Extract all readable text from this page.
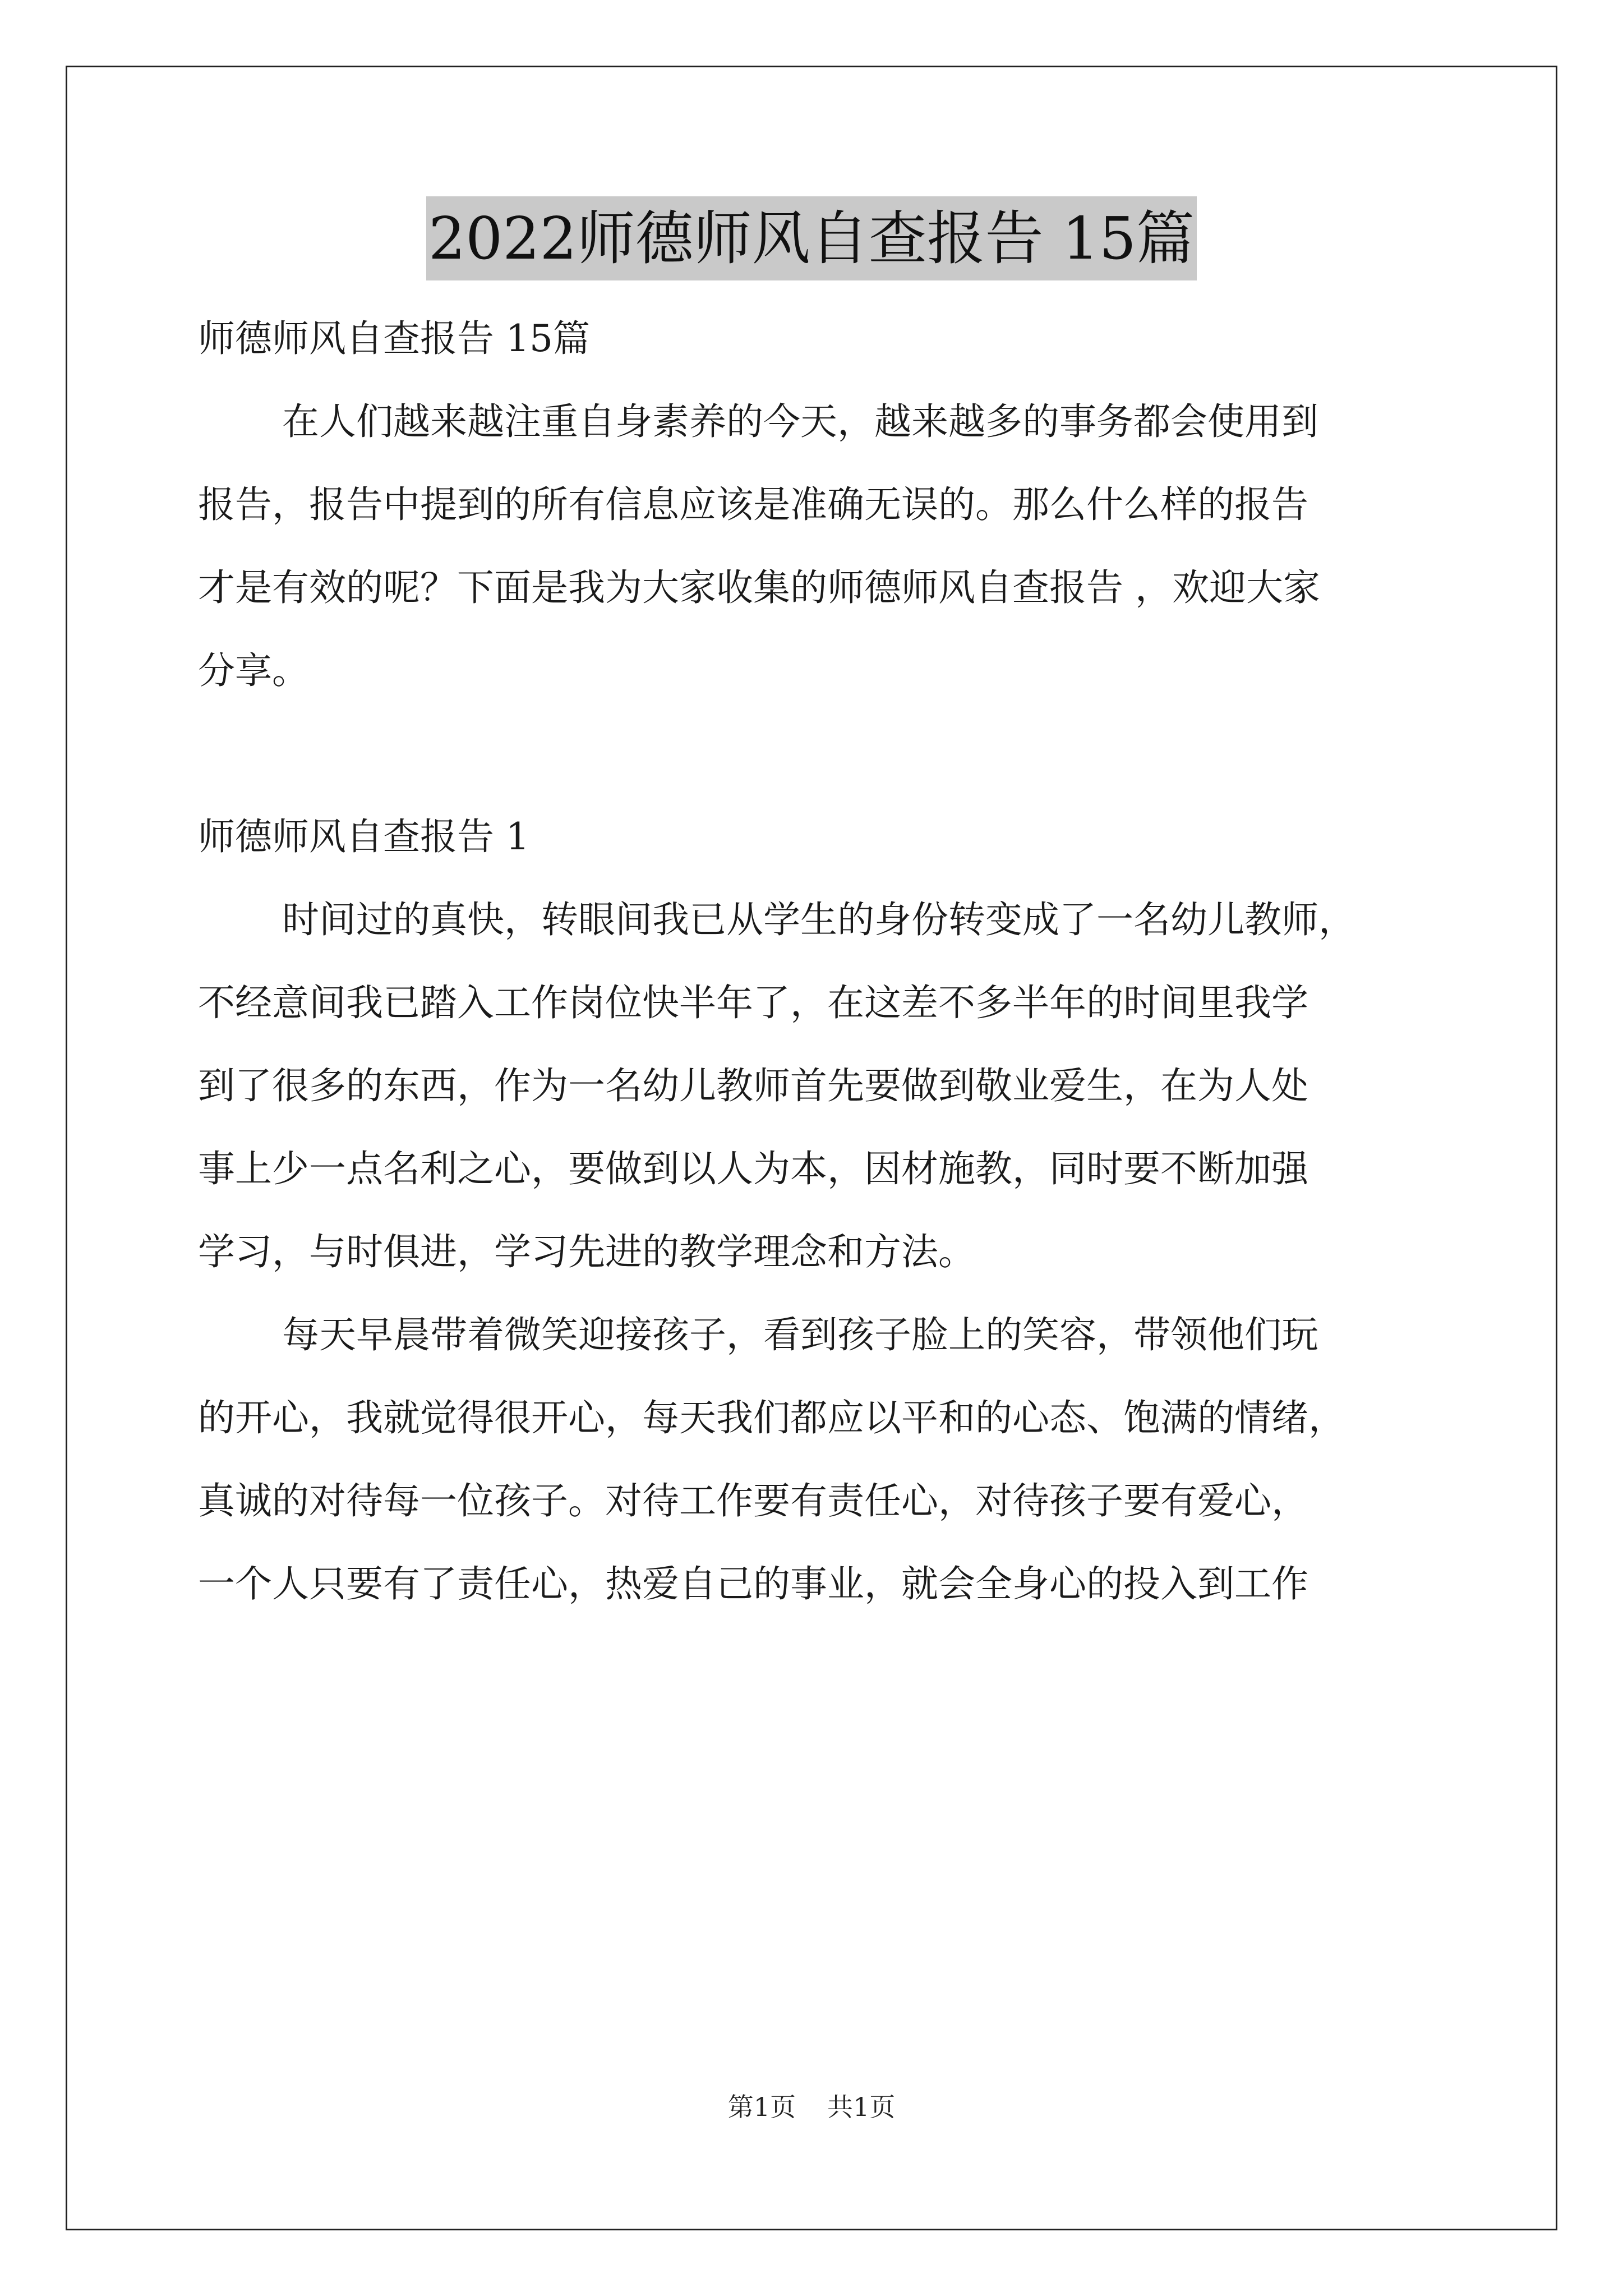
2022师德师风自查报告 15篇
师德师风自查报告 15篇
在人们越来越注重自身素养的今天，越来越多的事务都会使用到
报告，报告中提到的所有信息应该是准确无误的。那么什么样的报告
才是有效的呢？下面是我为大家收集的师德师风自查报告 ，欢迎大家
分享。
师德师风自查报告 1
时间过的真快，转眼间我已从学生的身份转变成了一名幼儿教师，
不经意间我已踏入工作岗位快半年了，在这差不多半年的时间里我学
到了很多的东西，作为一名幼儿教师首先要做到敬业爱生，在为人处
事上少一点名利之心，要做到以人为本，因材施教，同时要不断加强
学习，与时俱进，学习先进的教学理念和方法。
每天早晨带着微笑迎接孩子，看到孩子脸上的笑容，带领他们玩
的开心，我就觉得很开心，每天我们都应以平和的心态、饱满的情绪，
真诚的对待每一位孩子。对待工作要有责任心，对待孩子要有爱心，
一个人只要有了责任心，热爱自己的事业，就会全身心的投入到工作
第1页 共1页
